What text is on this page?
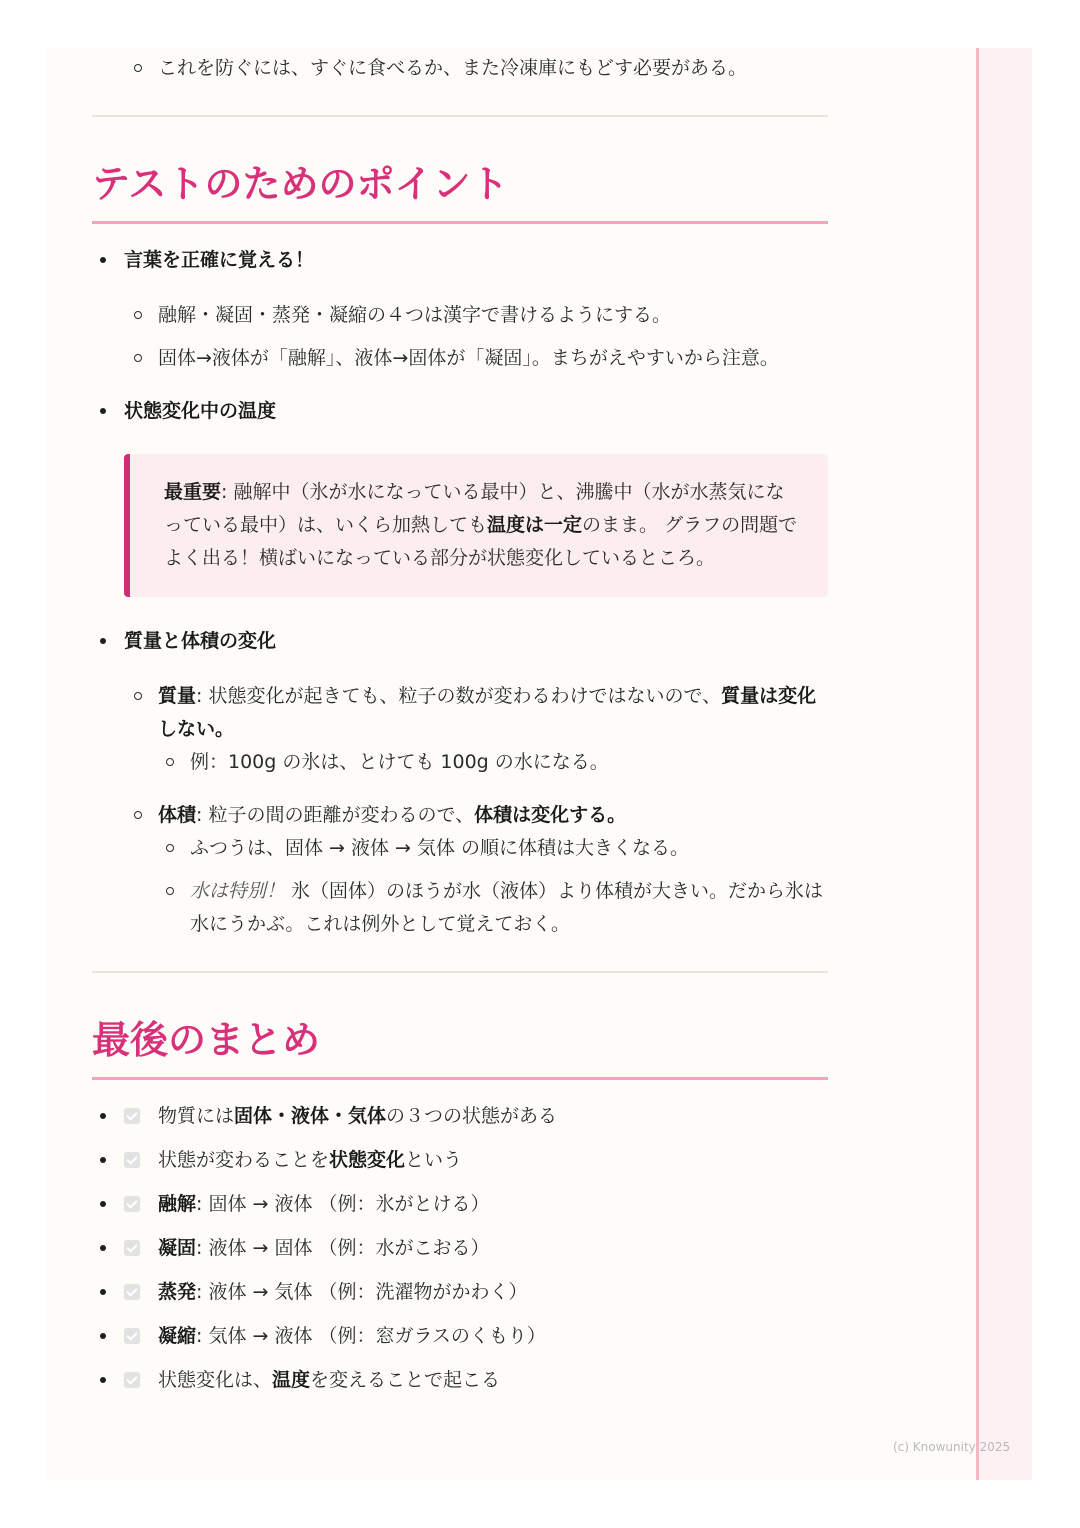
これを防ぐには、すぐに食べるか、また冷凍庫にもどす必要がある。
テストのためのポイント
言葉を正確に覚える！
融解・凝固・蒸発・凝縮の４つは漢字で書けるようにする。
固体→液体が「融解」、液体→固体が「凝固」。まちがえやすいから注意。
状態変化中の温度
最重要: 融解中（氷が水になっている最中）と、沸騰中（水が水蒸気になっている最中）は、いくら加熱しても温度は一定のまま。 グラフの問題でよく出る！横ばいになっている部分が状態変化しているところ。
質量と体積の変化
質量: 状態変化が起きても、粒子の数が変わるわけではないので、質量は変化しない。
例：100g の氷は、とけても 100g の水になる。
体積: 粒子の間の距離が変わるので、体積は変化する。
ふつうは、固体 → 液体 → 気体 の順に体積は大きくなる。
水は特別！ 氷（固体）のほうが水（液体）より体積が大きい。だから氷は水にうかぶ。これは例外として覚えておく。
最後のまとめ
物質には固体・液体・気体の３つの状態がある
状態が変わることを状態変化という
融解: 固体 → 液体 （例：氷がとける）
凝固: 液体 → 固体 （例：水がこおる）
蒸発: 液体 → 気体 （例：洗濯物がかわく）
凝縮: 気体 → 液体 （例：窓ガラスのくもり）
状態変化は、温度を変えることで起こる
(c) Knowunity 2025
